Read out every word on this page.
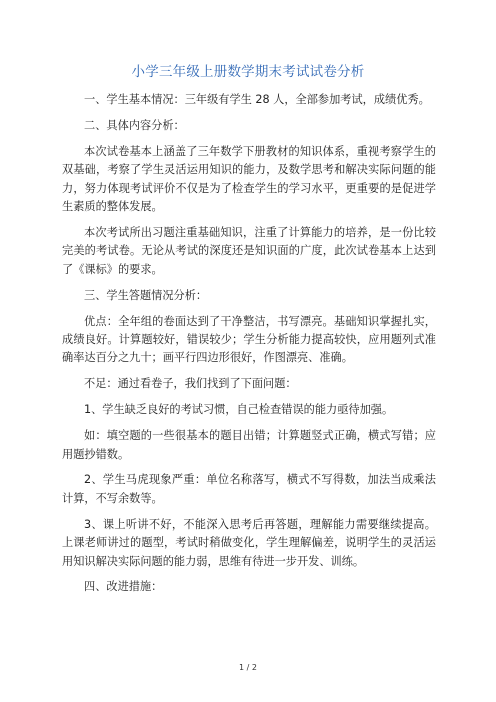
小学三年级上册数学期末考试试卷分析

一、学生基本情况：三年级有学生 28 人，全部参加考试，成绩优秀。

二、具体内容分析：

本次试卷基本上涵盖了三年数学下册教材的知识体系，重视考察学生的双基础，考察了学生灵活运用知识的能力，及数学思考和解决实际问题的能力，努力体现考试评价不仅是为了检查学生的学习水平，更重要的是促进学生素质的整体发展。

本次考试所出习题注重基础知识，注重了计算能力的培养，是一份比较完美的考试卷。无论从考试的深度还是知识面的广度，此次试卷基本上达到了《课标》的要求。

三、学生答题情况分析：

优点：全年组的卷面达到了干净整洁，书写漂亮。基础知识掌握扎实，成绩良好。计算题较好，错误较少；学生分析能力提高较快，应用题列式准确率达百分之九十；画平行四边形很好，作图漂亮、准确。

不足：通过看卷子，我们找到了下面问题：

1、学生缺乏良好的考试习惯，自己检查错误的能力亟待加强。

如：填空题的一些很基本的题目出错；计算题竖式正确，横式写错；应用题抄错数。

2、学生马虎现象严重：单位名称落写，横式不写得数，加法当成乘法计算，不写余数等。

3、课上听讲不好，不能深入思考后再答题，理解能力需要继续提高。上课老师讲过的题型，考试时稍做变化，学生理解偏差，说明学生的灵活运用知识解决实际问题的能力弱，思维有待进一步开发、训练。

四、改进措施：

1 / 2
